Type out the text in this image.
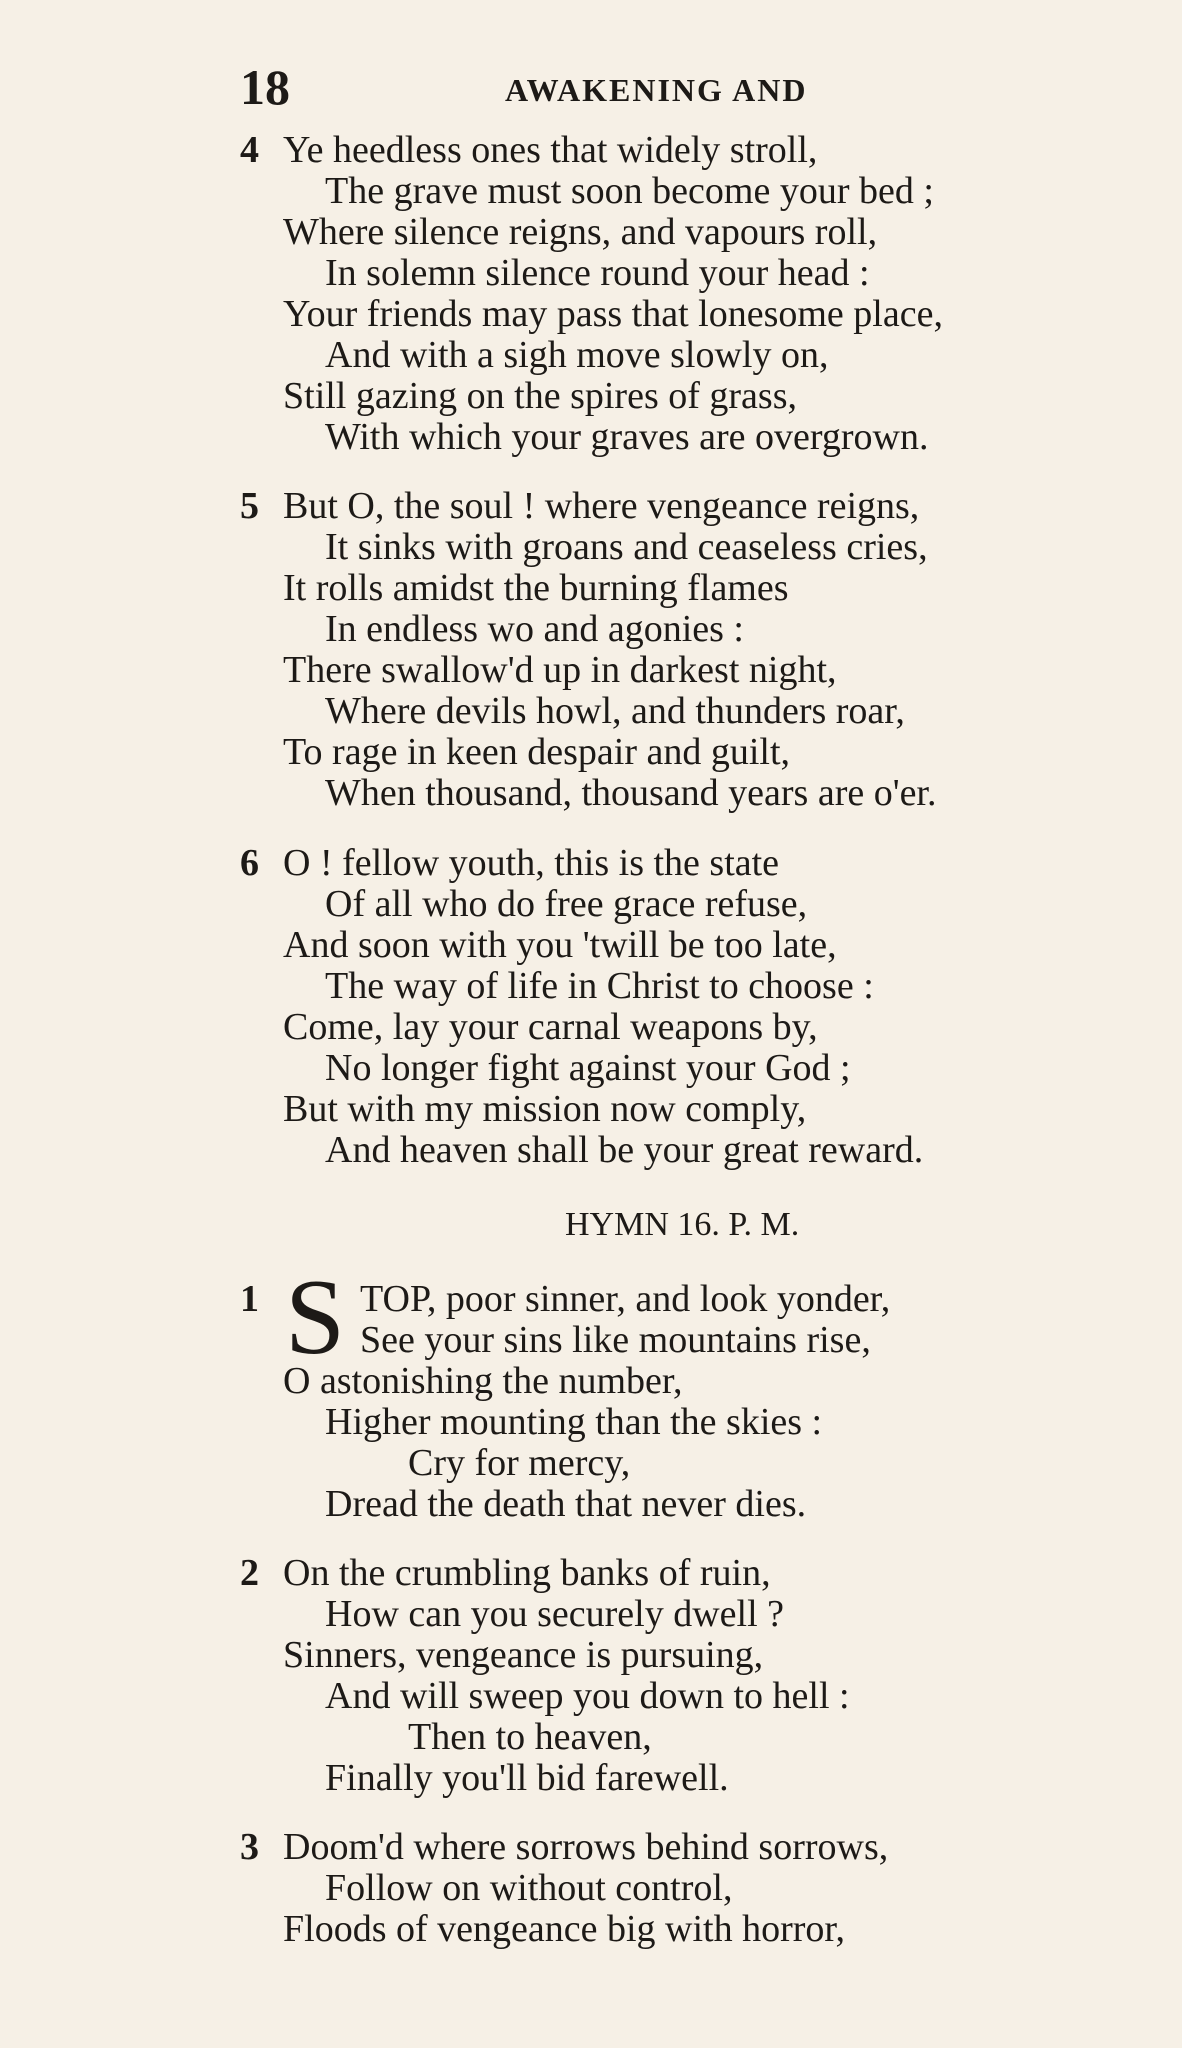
18	AWAKENING AND
4 Ye heedless ones that widely stroll,
The grave must soon become your bed ;
Where silence reigns, and vapours roll,
In solemn silence round your head :
Your friends may pass that lonesome place,
And with a sigh move slowly on,
Still gazing on the spires of grass,
With which your graves are overgrown.
5 But O, the soul ! where vengeance reigns,
It sinks with groans and ceaseless cries,
It rolls amidst the burning flames
In endless wo and agonies :
There swallow'd up in darkest night,
Where devils howl, and thunders roar,
To rage in keen despair and guilt,
When thousand, thousand years are o'er.
6 O ! fellow youth, this is the state
Of all who do free grace refuse,
And soon with you 'twill be too late,
The way of life in Christ to choose :
Come, lay your carnal weapons by,
No longer fight against your God ;
But with my mission now comply,
And heaven shall be your great reward.
HYMN 16. P. M.
S
1	TOP, poor sinner, and look yonder,
See your sins like mountains rise,
O astonishing the number,
Higher mounting than the skies :
Cry for mercy,
Dread the death that never dies.
2 On the crumbling banks of ruin,
How can you securely dwell ?
Sinners, vengeance is pursuing,
And will sweep you down to hell :
Then to heaven,
Finally you'll bid farewell.
3 Doom'd where sorrows behind sorrows,
Follow on without control,
Floods of vengeance big with horror,
